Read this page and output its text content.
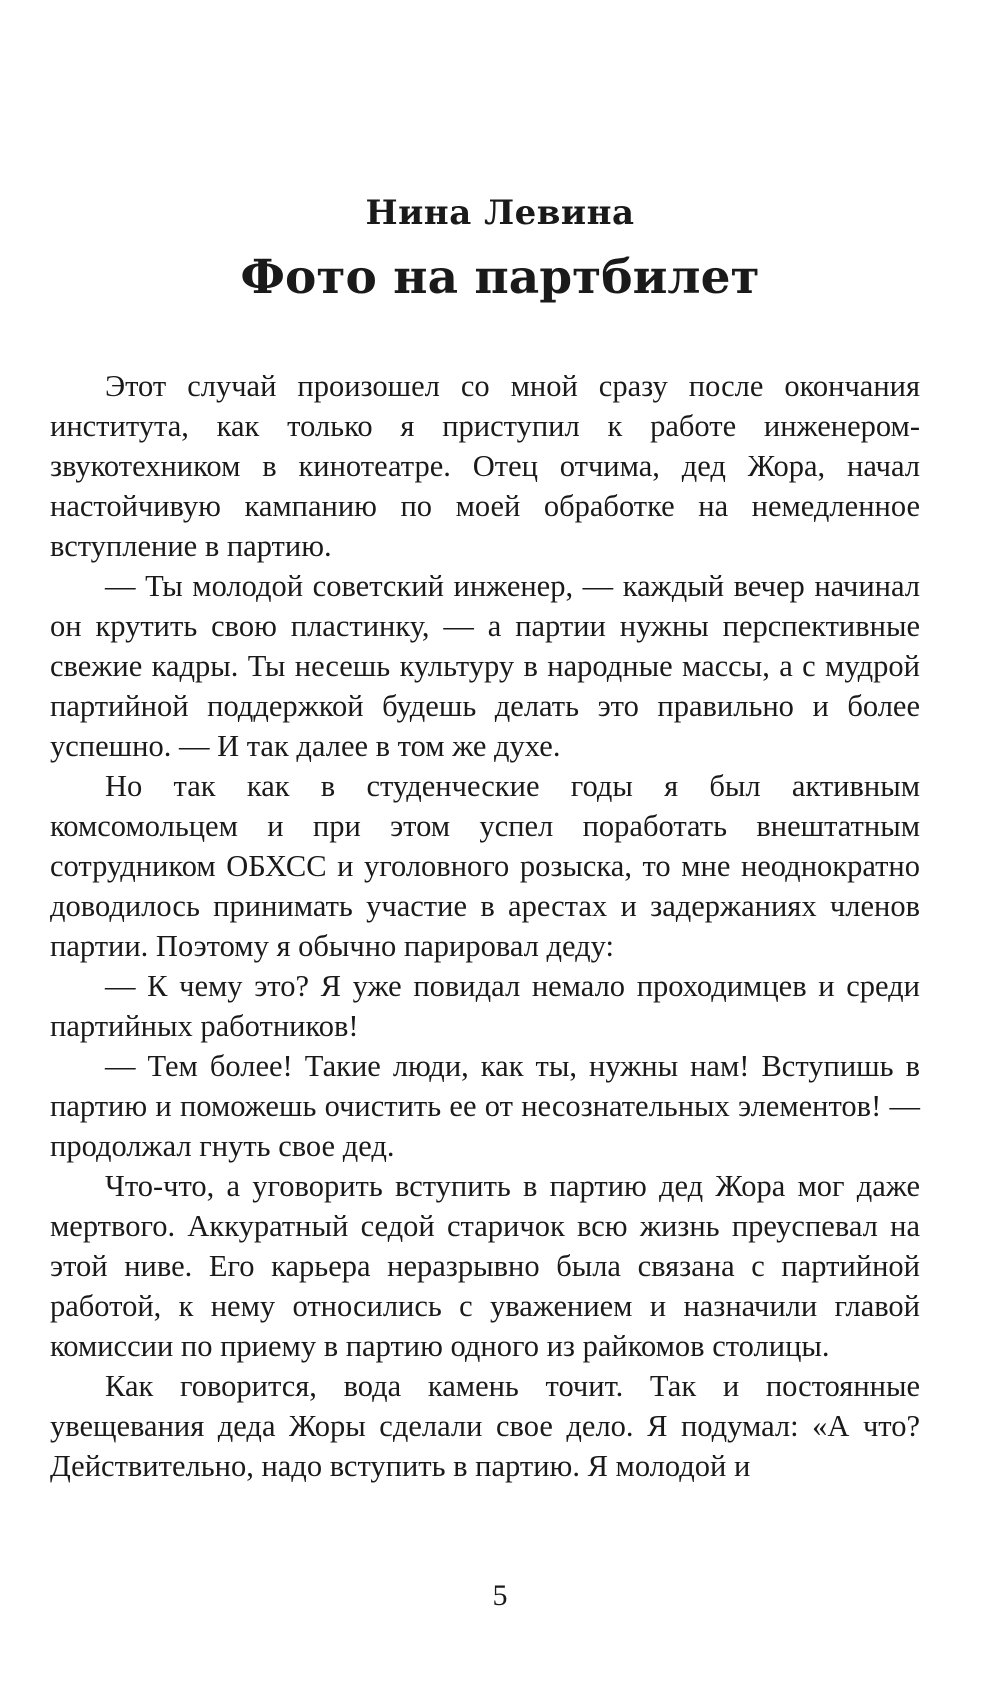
Нина Левина
Фото на партбилет

Этот случай произошел со мной сразу после окончания института, как только я приступил к работе инженером-звукотехником в кинотеатре. Отец отчима, дед Жора, начал настойчивую кампанию по моей обработке на немедленное вступление в партию.

— Ты молодой советский инженер, — каждый вечер начинал он крутить свою пластинку, — а партии нужны перспективные свежие кадры. Ты несешь культуру в народные массы, а с мудрой партийной поддержкой будешь делать это правильно и более успешно. — И так далее в том же духе.

Но так как в студенческие годы я был активным комсомольцем и при этом успел поработать внештатным сотрудником ОБХСС и уголовного розыска, то мне неоднократно доводилось принимать участие в арестах и задержаниях членов партии. Поэтому я обычно парировал деду:

— К чему это? Я уже повидал немало проходимцев и среди партийных работников!

— Тем более! Такие люди, как ты, нужны нам! Вступишь в партию и поможешь очистить ее от несознательных элементов! — продолжал гнуть свое дед.

Что-что, а уговорить вступить в партию дед Жора мог даже мертвого. Аккуратный седой старичок всю жизнь преуспевал на этой ниве. Его карьера неразрывно была связана с партийной работой, к нему относились с уважением и назначили главой комиссии по приему в партию одного из райкомов столицы.

Как говорится, вода камень точит. Так и постоянные увещевания деда Жоры сделали свое дело. Я подумал: «А что? Действительно, надо вступить в партию. Я молодой и

5
